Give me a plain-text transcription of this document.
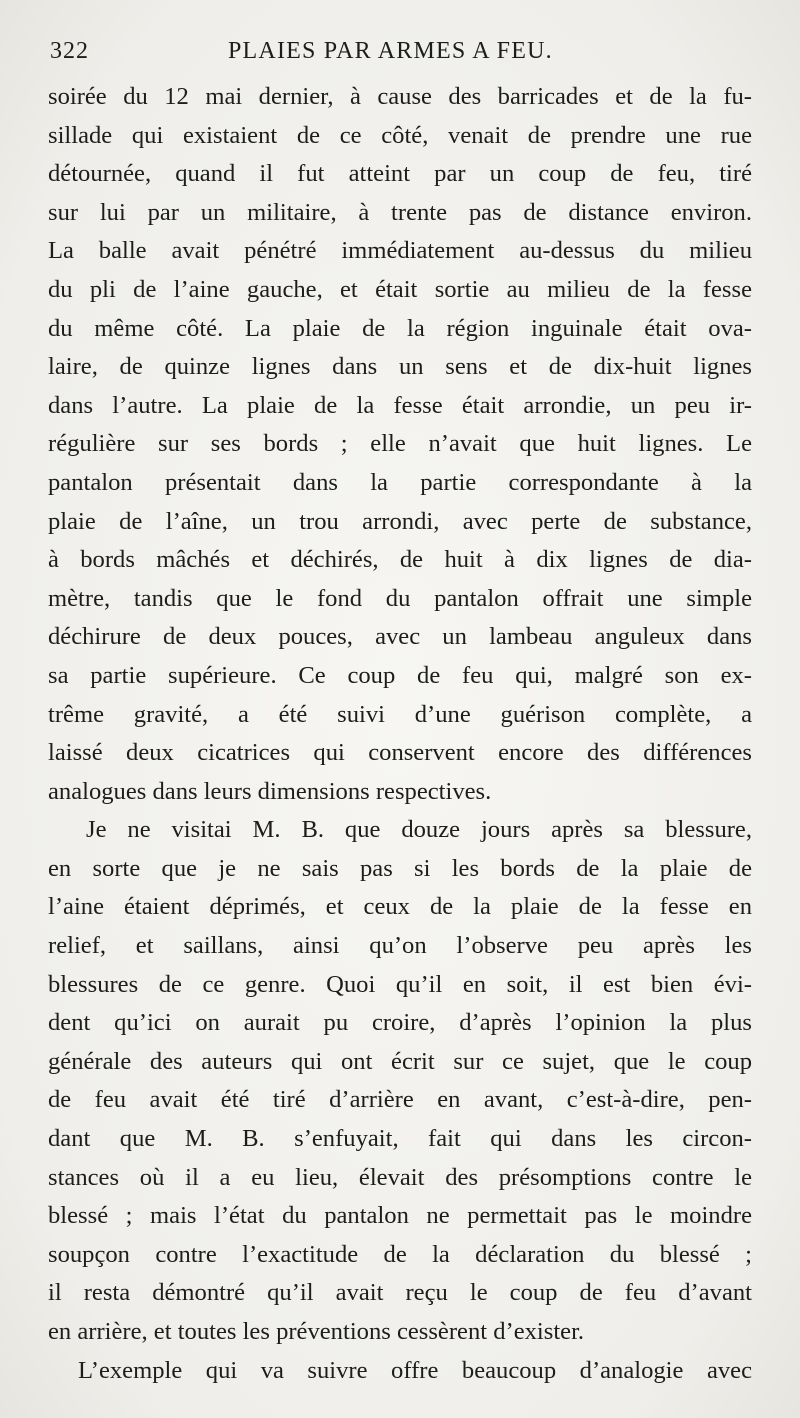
322	PLAIES PAR ARMES A FEU.
soirée du 12 mai dernier, à cause des barricades et de la fu-
sillade qui existaient de ce côté, venait de prendre une rue
détournée, quand il fut atteint par un coup de feu, tiré
sur lui par un militaire, à trente pas de distance environ.
La balle avait pénétré immédiatement au-dessus du milieu
du pli de l’aine gauche, et était sortie au milieu de la fesse
du même côté. La plaie de la région inguinale était ova-
laire, de quinze lignes dans un sens et de dix-huit lignes
dans l’autre. La plaie de la fesse était arrondie, un peu ir-
régulière sur ses bords ; elle n’avait que huit lignes. Le
pantalon présentait dans la partie correspondante à la
plaie de l’aîne, un trou arrondi, avec perte de substance,
à bords mâchés et déchirés, de huit à dix lignes de dia-
mètre, tandis que le fond du pantalon offrait une simple
déchirure de deux pouces, avec un lambeau anguleux dans
sa partie supérieure. Ce coup de feu qui, malgré son ex-
trême gravité, a été suivi d’une guérison complète, a
laissé deux cicatrices qui conservent encore des différences
analogues dans leurs dimensions respectives.
Je ne visitai M. B. que douze jours après sa blessure,
en sorte que je ne sais pas si les bords de la plaie de
l’aine étaient déprimés, et ceux de la plaie de la fesse en
relief, et saillans, ainsi qu’on l’observe peu après les
blessures de ce genre. Quoi qu’il en soit, il est bien évi-
dent qu’ici on aurait pu croire, d’après l’opinion la plus
générale des auteurs qui ont écrit sur ce sujet, que le coup
de feu avait été tiré d’arrière en avant, c’est-à-dire, pen-
dant que M. B. s’enfuyait, fait qui dans les circon-
stances où il a eu lieu, élevait des présomptions contre le
blessé ; mais l’état du pantalon ne permettait pas le moindre
soupçon contre l’exactitude de la déclaration du blessé ;
il resta démontré qu’il avait reçu le coup de feu d’avant
en arrière, et toutes les préventions cessèrent d’exister.
L’exemple qui va suivre offre beaucoup d’analogie avec
